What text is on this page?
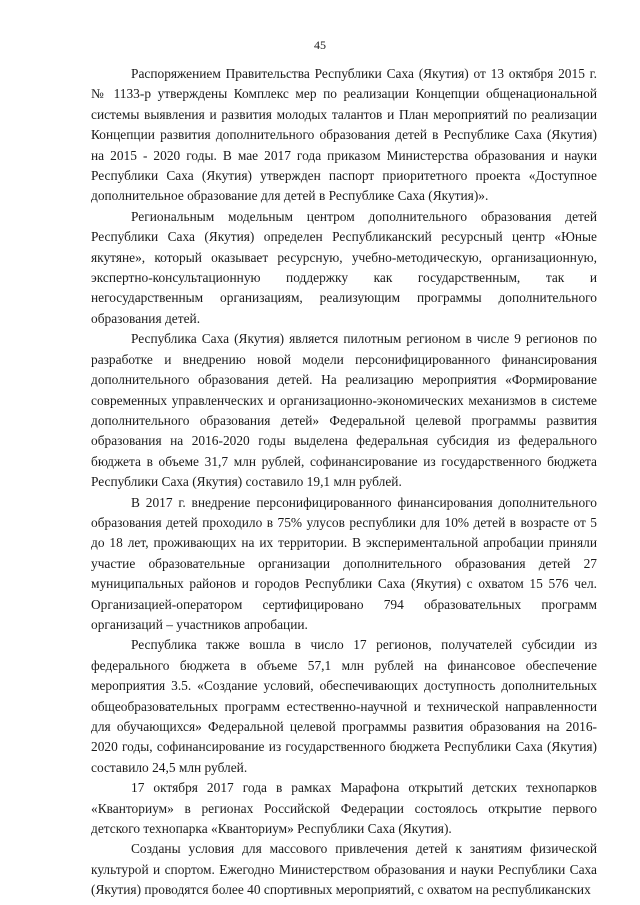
45

Распоряжением Правительства Республики Саха (Якутия) от 13 октября 2015 г. № 1133-р утверждены Комплекс мер по реализации Концепции общенациональной системы выявления и развития молодых талантов и План мероприятий по реализации Концепции развития дополнительного образования детей в Республике Саха (Якутия) на 2015 - 2020 годы. В мае 2017 года приказом Министерства образования и науки Республики Саха (Якутия) утвержден паспорт приоритетного проекта «Доступное дополнительное образование для детей в Республике Саха (Якутия)».

Региональным модельным центром дополнительного образования детей Республики Саха (Якутия) определен Республиканский ресурсный центр «Юные якутяне», который оказывает ресурсную, учебно-методическую, организационную, экспертно-консультационную поддержку как государственным, так и негосударственным организациям, реализующим программы дополнительного образования детей.

Республика Саха (Якутия) является пилотным регионом в числе 9 регионов по разработке и внедрению новой модели персонифицированного финансирования дополнительного образования детей. На реализацию мероприятия «Формирование современных управленческих и организационно-экономических механизмов в системе дополнительного образования детей» Федеральной целевой программы развития образования на 2016-2020 годы выделена федеральная субсидия из федерального бюджета в объеме 31,7 млн рублей, софинансирование из государственного бюджета Республики Саха (Якутия) составило 19,1 млн рублей.

В 2017 г. внедрение персонифицированного финансирования дополнительного образования детей проходило в 75% улусов республики для 10% детей в возрасте от 5 до 18 лет, проживающих на их территории. В экспериментальной апробации приняли участие образовательные организации дополнительного образования детей 27 муниципальных районов и городов Республики Саха (Якутия) с охватом 15 576 чел. Организацией-оператором сертифицировано 794 образовательных программ организаций – участников апробации.

Республика также вошла в число 17 регионов, получателей субсидии из федерального бюджета в объеме 57,1 млн рублей на финансовое обеспечение мероприятия 3.5. «Создание условий, обеспечивающих доступность дополнительных общеобразовательных программ естественно-научной и технической направленности для обучающихся» Федеральной целевой программы развития образования на 2016-2020 годы, софинансирование из государственного бюджета Республики Саха (Якутия) составило 24,5 млн рублей.

17 октября 2017 года в рамках Марафона открытий детских технопарков «Кванториум» в регионах Российской Федерации состоялось открытие первого детского технопарка «Кванториум» Республики Саха (Якутия).

Созданы условия для массового привлечения детей к занятиям физической культурой и спортом. Ежегодно Министерством образования и науки Республики Саха (Якутия) проводятся более 40 спортивных мероприятий, с охватом на республиканских
